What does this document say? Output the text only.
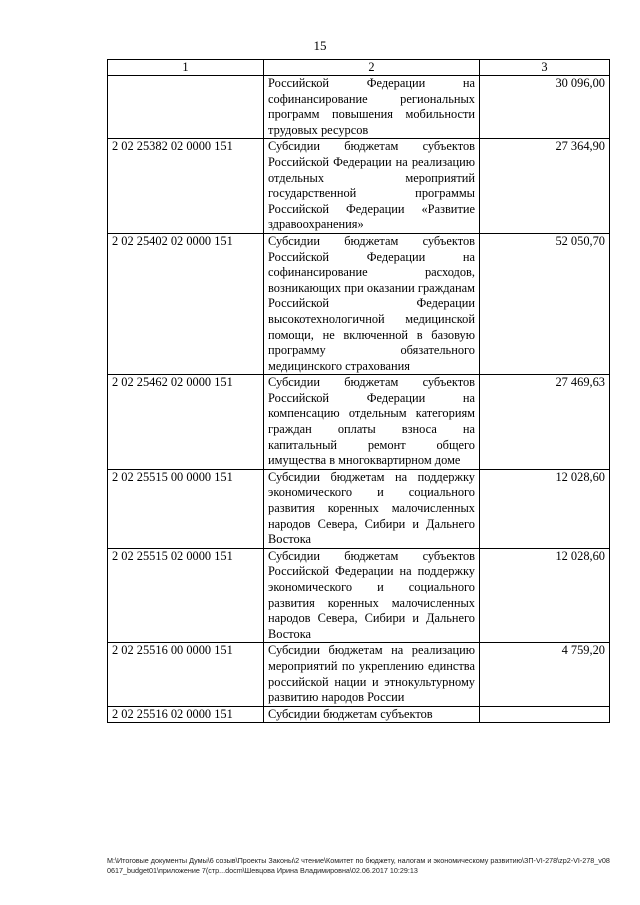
15
1	2	3
	Российской Федерации на софинансирование региональных программ повышения мобильности трудовых ресурсов	30 096,00
2 02 25382 02 0000 151	Субсидии бюджетам субъектов Российской Федерации на реализацию отдельных мероприятий государственной программы Российской Федерации «Развитие здравоохранения»	27 364,90
2 02 25402 02 0000 151	Субсидии бюджетам субъектов Российской Федерации на софинансирование расходов, возникающих при оказании гражданам Российской Федерации высокотехнологичной медицинской помощи, не включенной в базовую программу обязательного медицинского страхования	52 050,70
2 02 25462 02 0000 151	Субсидии бюджетам субъектов Российской Федерации на компенсацию отдельным категориям граждан оплаты взноса на капитальный ремонт общего имущества в многоквартирном доме	27 469,63
2 02 25515 00 0000 151	Субсидии бюджетам на поддержку экономического и социального развития коренных малочисленных народов Севера, Сибири и Дальнего Востока	12 028,60
2 02 25515 02 0000 151	Субсидии бюджетам субъектов Российской Федерации на поддержку экономического и социального развития коренных малочисленных народов Севера, Сибири и Дальнего Востока	12 028,60
2 02 25516 00 0000 151	Субсидии бюджетам на реализацию мероприятий по укреплению единства российской нации и этнокультурному развитию народов России	4 759,20
2 02 25516 02 0000 151	Субсидии бюджетам субъектов	
M:\Итоговые документы Думы\6 созыв\Проекты Законы\2 чтение\Комитет по бюджету, налогам и экономическому развитию\ЗП-VI-278\zp2-VI-278_v080617_budget01\приложение 7(стр...docm\Шевцова Ирина Владимировна\02.06.2017 10:29:13
